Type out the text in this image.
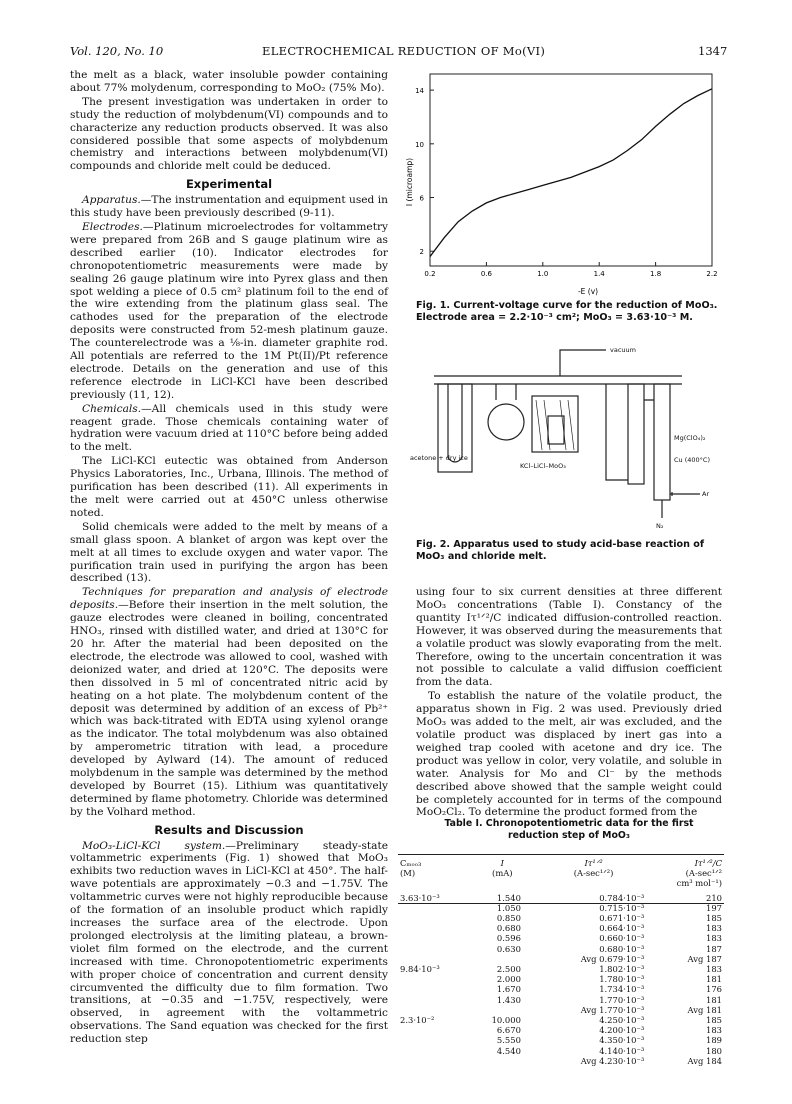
Vol. 120, No. 10	ELECTROCHEMICAL REDUCTION OF Mo(VI)	1347

the melt as a black, water insoluble powder containing about 77% molydenum, corresponding to MoO₂ (75% Mo).

The present investigation was undertaken in order to study the reduction of molybdenum(VI) compounds and to characterize any reduction products observed. It was also considered possible that some aspects of molybdenum chemistry and interactions between molybdenum(VI) compounds and chloride melt could be deduced.

Experimental

Apparatus.—The instrumentation and equipment used in this study have been previously described (9-11).

Electrodes.—Platinum microelectrodes for voltammetry were prepared from 26B and S gauge platinum wire as described earlier (10). Indicator electrodes for chronopotentiometric measurements were made by sealing 26 gauge platinum wire into Pyrex glass and then spot welding a piece of 0.5 cm² platinum foil to the end of the wire extending from the platinum glass seal. The cathodes used for the preparation of the electrode deposits were constructed from 52-mesh platinum gauze. The counterelectrode was a ⅛-in. diameter graphite rod. All potentials are referred to the 1M Pt(II)/Pt reference electrode. Details on the generation and use of this reference electrode in LiCl-KCl have been described previously (11, 12).

Chemicals.—All chemicals used in this study were reagent grade. Those chemicals containing water of hydration were vacuum dried at 110°C before being added to the melt.

The LiCl-KCl eutectic was obtained from Anderson Physics Laboratories, Inc., Urbana, Illinois. The method of purification has been described (11). All experiments in the melt were carried out at 450°C unless otherwise noted.

Solid chemicals were added to the melt by means of a small glass spoon. A blanket of argon was kept over the melt at all times to exclude oxygen and water vapor. The purification train used in purifying the argon has been described (13).

Techniques for preparation and analysis of electrode deposits.—Before their insertion in the melt solution, the gauze electrodes were cleaned in boiling, concentrated HNO₃, rinsed with distilled water, and dried at 130°C for 20 hr. After the material had been deposited on the electrode, the electrode was allowed to cool, washed with deionized water, and dried at 120°C. The deposits were then dissolved in 5 ml of concentrated nitric acid by heating on a hot plate. The molybdenum content of the deposit was determined by addition of an excess of Pb²⁺ which was back-titrated with EDTA using xylenol orange as the indicator. The total molybdenum was also obtained by amperometric titration with lead, a procedure developed by Aylward (14). The amount of reduced molybdenum in the sample was determined by the method developed by Bourret (15). Lithium was quantitatively determined by flame photometry. Chloride was determined by the Volhard method.

Results and Discussion

MoO₃-LiCl-KCl system.—Preliminary steady-state voltammetric experiments (Fig. 1) showed that MoO₃ exhibits two reduction waves in LiCl-KCl at 450°. The half-wave potentials are approximately −0.3 and −1.75V. The voltammetric curves were not highly reproducible because of the formation of an insoluble product which rapidly increases the surface area of the electrode. Upon prolonged electrolysis at the limiting plateau, a brown-violet film formed on the electrode, and the current increased with time. Chronopotentiometric experiments with proper choice of concentration and current density circumvented the difficulty due to film formation. Two transitions, at −0.35 and −1.75V, respectively, were observed, in agreement with the voltammetric observations. The Sand equation was checked for the first reduction step

0.2	0.6	1.0	1.4	1.8	2.2
2
6
10
14
I (microamp)
-E (v)
Fig. 1. Current-voltage curve for the reduction of MoO₃. Electrode area = 2.2·10⁻³ cm²; MoO₃ = 3.63·10⁻³ M.
vacuum
Mg(ClO₄)₂
Cu (400°C)
Ar
N₂
acetone + dry ice
KCl–LiCl–MoO₃
Fig. 2. Apparatus used to study acid-base reaction of MoO₃ and chloride melt.

using four to six current densities at three different MoO₃ concentrations (Table I). Constancy of the quantity Iτ¹ᐟ²/C indicated diffusion-controlled reaction. However, it was observed during the measurements that a volatile product was slowly evaporating from the melt. Therefore, owing to the uncertain concentration it was not possible to calculate a valid diffusion coefficient from the data.

To establish the nature of the volatile product, the apparatus shown in Fig. 2 was used. Previously dried MoO₃ was added to the melt, air was excluded, and the volatile product was displaced by inert gas into a weighed trap cooled with acetone and dry ice. The product was yellow in color, very volatile, and soluble in water. Analysis for Mo and Cl⁻ by the methods described above showed that the sample weight could be completely accounted for in terms of the compound MoO₂Cl₂. To determine the product formed from the

Table I. Chronopotentiometric data for the first reduction step of MoO₃
Cₘₒₒ₃
(M)	I
(mA)	Iτ¹ᐟ²
(A-sec¹ᐟ²)	Iτ¹ᐟ²/C
(A-sec¹ᐟ²
cm³ mol⁻¹)
3.63·10⁻³	1.540	0.784·10⁻³	210
	1.050	0.715·10⁻³	197
	0.850	0.671·10⁻³	185
	0.680	0.664·10⁻³	183
	0.596	0.660·10⁻³	183
	0.630	0.680·10⁻³	187
		Avg 0.679·10⁻³	Avg 187
9.84·10⁻³	2.500	1.802·10⁻³	183
	2.000	1.780·10⁻³	181
	1.670	1.734·10⁻³	176
	1.430	1.770·10⁻³	181
		Avg 1.770·10⁻³	Avg 181
2.3·10⁻²	10.000	4.250·10⁻³	185
	6.670	4.200·10⁻³	183
	5.550	4.350·10⁻³	189
	4.540	4.140·10⁻³	180
		Avg 4.230·10⁻³	Avg 184
